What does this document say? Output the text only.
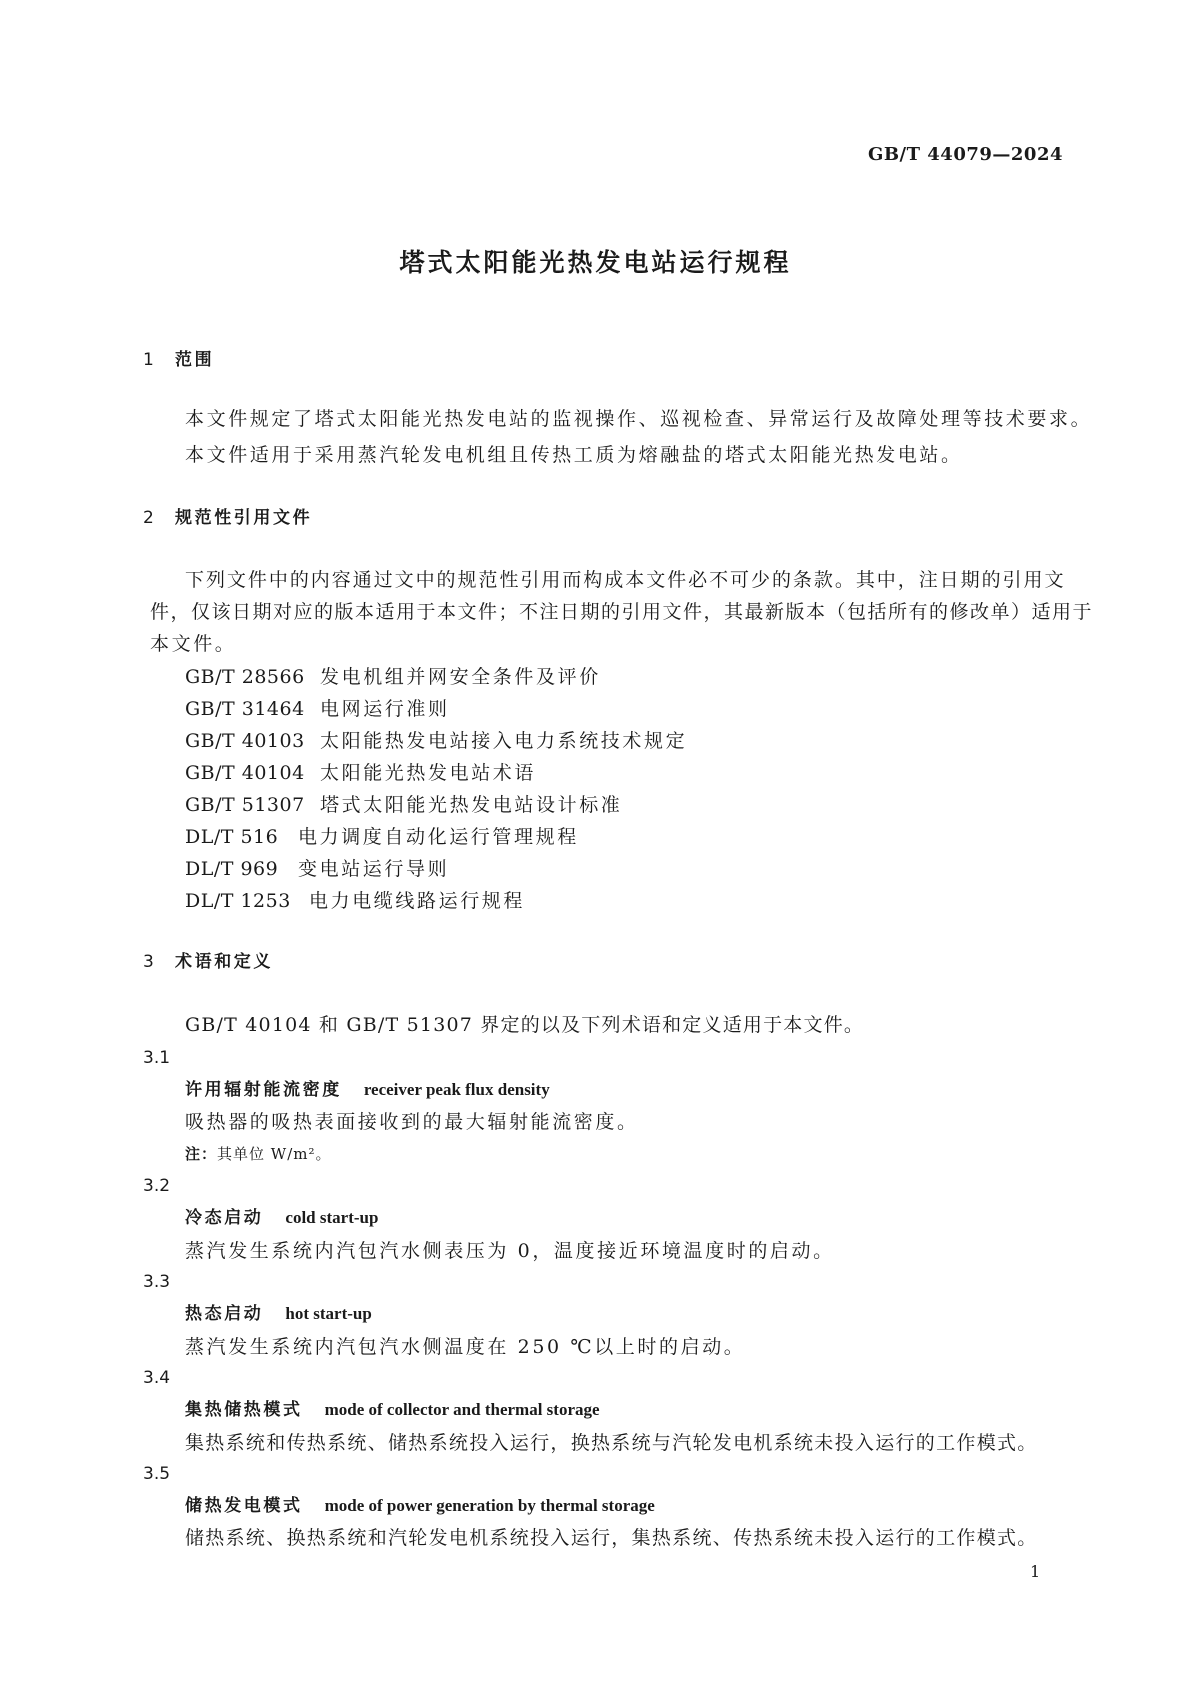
GB/T 44079—2024
塔式太阳能光热发电站运行规程
1 范围
本文件规定了塔式太阳能光热发电站的监视操作、巡视检查、异常运行及故障处理等技术要求。
本文件适用于采用蒸汽轮发电机组且传热工质为熔融盐的塔式太阳能光热发电站。
2 规范性引用文件
下列文件中的内容通过文中的规范性引用而构成本文件必不可少的条款。其中，注日期的引用文
件，仅该日期对应的版本适用于本文件；不注日期的引用文件，其最新版本（包括所有的修改单）适用于
本文件。
GB/T 28566 发电机组并网安全条件及评价
GB/T 31464 电网运行准则
GB/T 40103 太阳能热发电站接入电力系统技术规定
GB/T 40104 太阳能光热发电站术语
GB/T 51307 塔式太阳能光热发电站设计标准
DL/T 516 电力调度自动化运行管理规程
DL/T 969 变电站运行导则
DL/T 1253 电力电缆线路运行规程
3 术语和定义
GB/T 40104 和 GB/T 51307 界定的以及下列术语和定义适用于本文件。
3.1
许用辐射能流密度 receiver peak flux density
吸热器的吸热表面接收到的最大辐射能流密度。
注：其单位 W/m²。
3.2
冷态启动 cold start-up
蒸汽发生系统内汽包汽水侧表压为 0，温度接近环境温度时的启动。
3.3
热态启动 hot start-up
蒸汽发生系统内汽包汽水侧温度在 250 ℃以上时的启动。
3.4
集热储热模式 mode of collector and thermal storage
集热系统和传热系统、储热系统投入运行，换热系统与汽轮发电机系统未投入运行的工作模式。
3.5
储热发电模式 mode of power generation by thermal storage
储热系统、换热系统和汽轮发电机系统投入运行，集热系统、传热系统未投入运行的工作模式。
1
